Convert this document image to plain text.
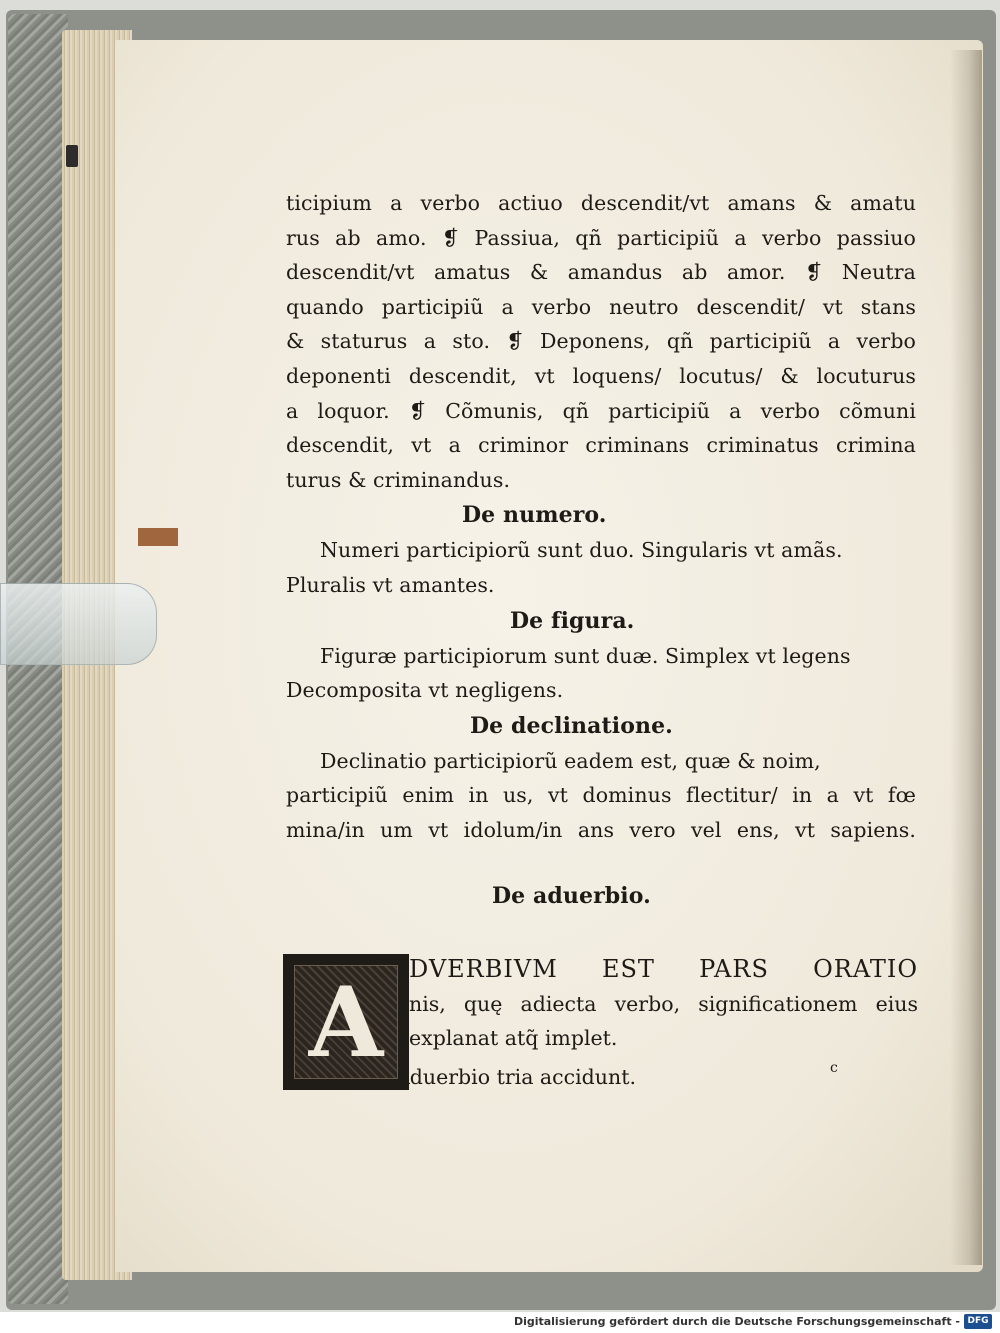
ticipium a verbo actiuo descendit/vt amans & amatu
rus ab amo. ❡ Passiua, qñ participiũ a verbo passiuo
descendit/vt amatus & amandus ab amor. ❡ Neutra
quando participiũ a verbo neutro descendit/ vt stans
& staturus a sto. ❡ Deponens, qñ participiũ a verbo
deponenti descendit, vt loquens/ locutus/ & locuturus
a loquor. ❡ Cõmunis, qñ participiũ a verbo cõmuni
descendit, vt a criminor criminans criminatus crimina
turus & criminandus.
De numero.
Numeri participiorũ sunt duo. Singularis vt amãs.
Pluralis vt amantes.
De figura.
Figuræ participiorum sunt duæ. Simplex vt legens
Decomposita vt negligens.
De declinatione.
Declinatio participiorũ eadem est, quæ & noim,
participiũ enim in us, vt dominus flectitur/ in a vt fœ
mina/in um vt idolum/in ans vero vel ens, vt sapiens.
De aduerbio.
A	DVERBIVM EST PARS ORATIO
nis, quę adiecta verbo, significationem eius
explanat atq̃ implet.
Aduerbio tria accidunt.	c
Digitalisierung gefördert durch die Deutsche Forschungsgemeinschaft - DFG
